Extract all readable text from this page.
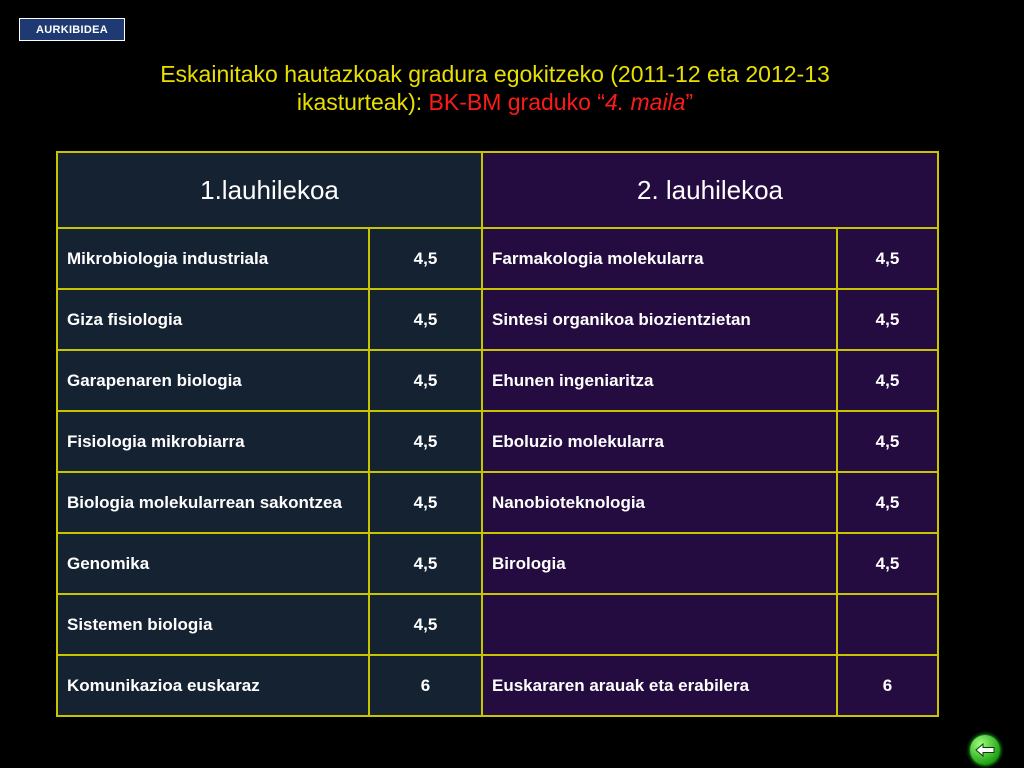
AURKIBIDEA
Eskainitako hautazkoak gradura egokitzeko (2011-12 eta 2012-13
ikasturteak): BK-BM graduko “4. maila”
1.lauhilekoa		2. lauhilekoa	
Mikrobiologia industriala	4,5	Farmakologia molekularra	4,5
Giza fisiologia	4,5	Sintesi organikoa biozientzietan	4,5
Garapenaren biologia	4,5	Ehunen ingeniaritza	4,5
Fisiologia mikrobiarra	4,5	Eboluzio molekularra	4,5
Biologia molekularrean sakontzea	4,5	Nanobioteknologia	4,5
Genomika	4,5	Birologia	4,5
Sistemen biologia	4,5		
Komunikazioa euskaraz	6	Euskararen arauak eta erabilera	6
